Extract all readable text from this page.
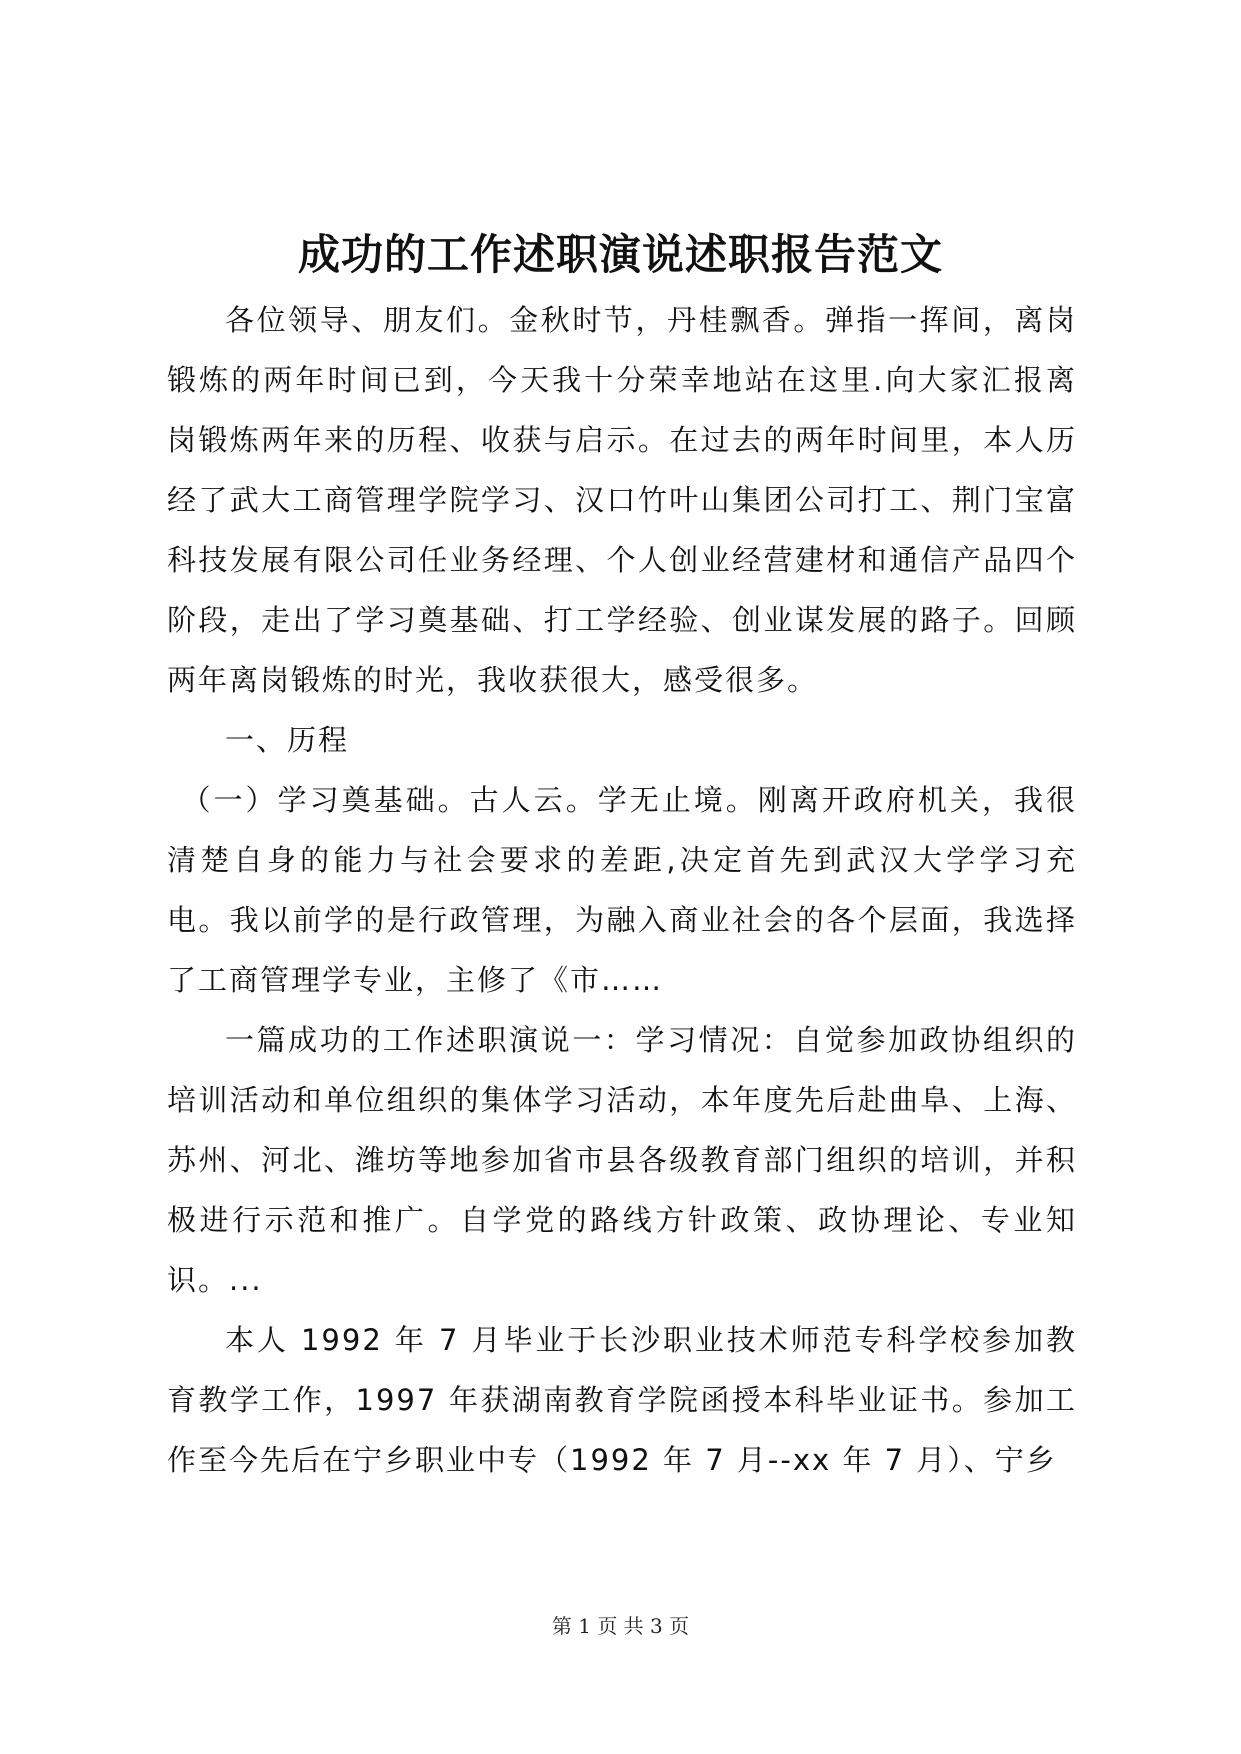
成功的工作述职演说述职报告范文

各位领导、朋友们。金秋时节，丹桂飘香。弹指一挥间，离岗锻炼的两年时间已到，今天我十分荣幸地站在这里.向大家汇报离岗锻炼两年来的历程、收获与启示。在过去的两年时间里，本人历经了武大工商管理学院学习、汉口竹叶山集团公司打工、荆门宝富科技发展有限公司任业务经理、个人创业经营建材和通信产品四个阶段，走出了学习奠基础、打工学经验、创业谋发展的路子。回顾两年离岗锻炼的时光，我收获很大，感受很多。

一、历程

（一）学习奠基础。古人云。学无止境。刚离开政府机关，我很清楚自身的能力与社会要求的差距,决定首先到武汉大学学习充电。我以前学的是行政管理，为融入商业社会的各个层面，我选择了工商管理学专业，主修了《市……

一篇成功的工作述职演说一：学习情况：自觉参加政协组织的培训活动和单位组织的集体学习活动，本年度先后赴曲阜、上海、苏州、河北、潍坊等地参加省市县各级教育部门组织的培训，并积极进行示范和推广。自学党的路线方针政策、政协理论、专业知识。...

本人 1992 年 7 月毕业于长沙职业技术师范专科学校参加教育教学工作，1997 年获湖南教育学院函授本科毕业证书。参加工作至今先后在宁乡职业中专（1992 年 7 月--xx 年 7 月）、宁乡

第 1 页 共 3 页
